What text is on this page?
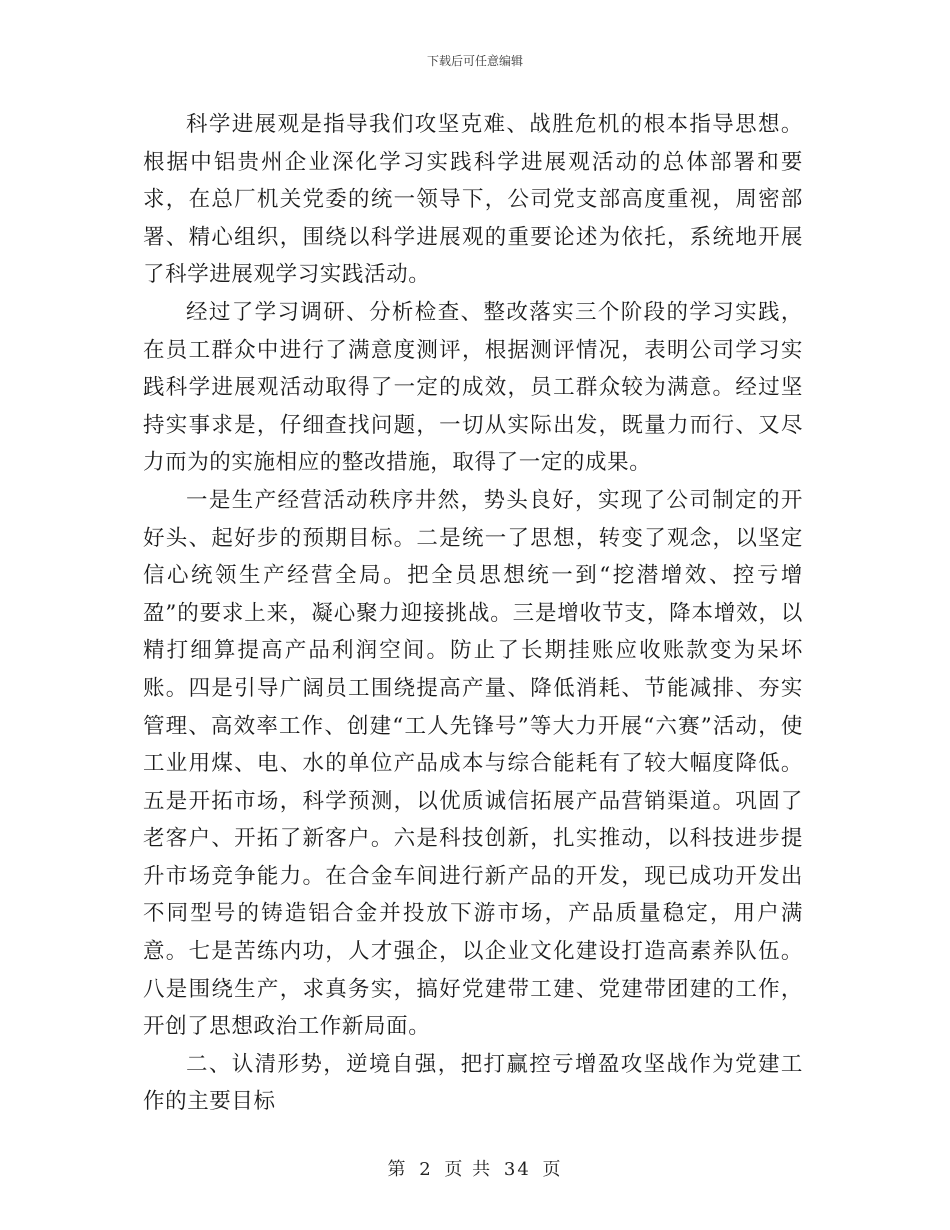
下载后可任意编辑

科学进展观是指导我们攻坚克难、战胜危机的根本指导思想。根据中铝贵州企业深化学习实践科学进展观活动的总体部署和要求，在总厂机关党委的统一领导下，公司党支部高度重视，周密部署、精心组织，围绕以科学进展观的重要论述为依托，系统地开展了科学进展观学习实践活动。

经过了学习调研、分析检查、整改落实三个阶段的学习实践，在员工群众中进行了满意度测评，根据测评情况，表明公司学习实践科学进展观活动取得了一定的成效，员工群众较为满意。经过坚持实事求是，仔细查找问题，一切从实际出发，既量力而行、又尽力而为的实施相应的整改措施，取得了一定的成果。

一是生产经营活动秩序井然，势头良好，实现了公司制定的开好头、起好步的预期目标。二是统一了思想，转变了观念，以坚定信心统领生产经营全局。把全员思想统一到“挖潜增效、控亏增盈”的要求上来，凝心聚力迎接挑战。三是增收节支，降本增效，以精打细算提高产品利润空间。防止了长期挂账应收账款变为呆坏账。四是引导广阔员工围绕提高产量、降低消耗、节能减排、夯实管理、高效率工作、创建“工人先锋号”等大力开展“六赛”活动，使工业用煤、电、水的单位产品成本与综合能耗有了较大幅度降低。五是开拓市场，科学预测，以优质诚信拓展产品营销渠道。巩固了老客户、开拓了新客户。六是科技创新，扎实推动，以科技进步提升市场竞争能力。在合金车间进行新产品的开发，现已成功开发出不同型号的铸造铝合金并投放下游市场，产品质量稳定，用户满意。七是苦练内功，人才强企，以企业文化建设打造高素养队伍。八是围绕生产，求真务实，搞好党建带工建、党建带团建的工作，开创了思想政治工作新局面。

二、认清形势，逆境自强，把打赢控亏增盈攻坚战作为党建工作的主要目标

第 2 页 共 34 页
